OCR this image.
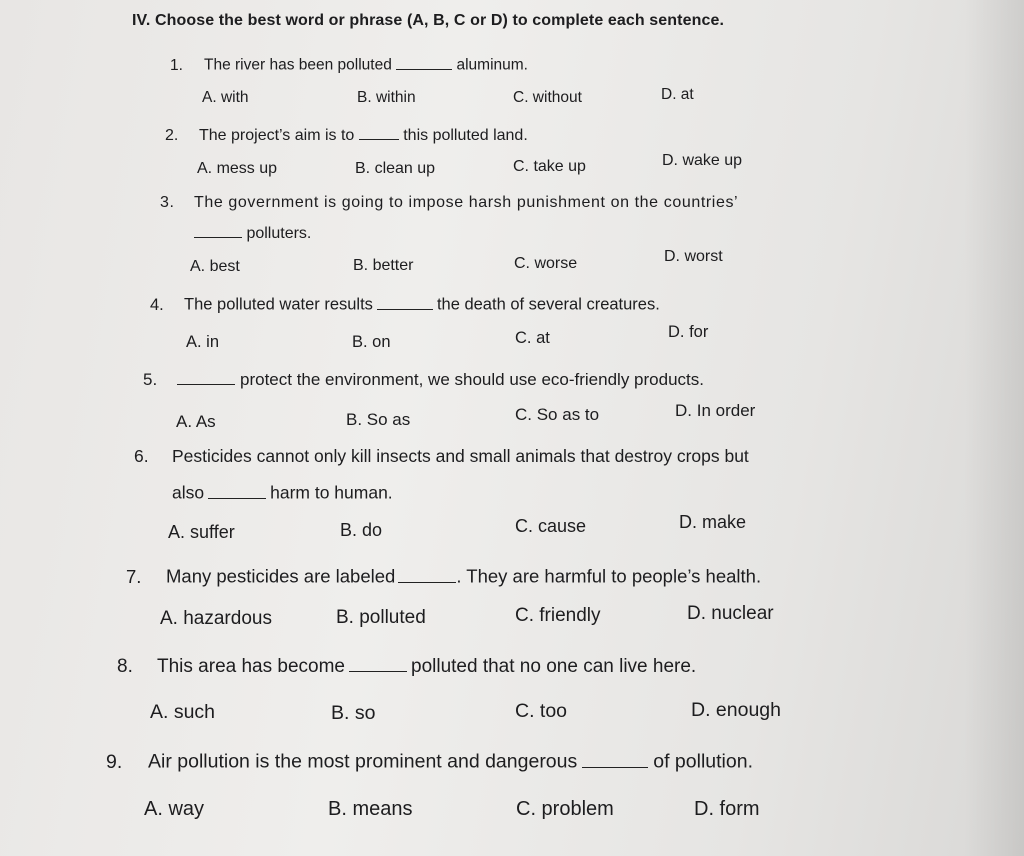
IV. Choose the best word or phrase (A, B, C or D) to complete each sentence.
1. The river has been polluted	aluminum.
A. with	B. within	C. without	D. at
2. The project’s aim is to	this polluted land.
A. mess up	B. clean up	C. take up	D. wake up
3. The government is going to impose harsh punishment on the countries’
polluters.
A. best	B. better	C. worse	D. worst
4. The polluted water results	the death of several creatures.
A. in	B. on	C. at	D. for
5.	protect the environment, we should use eco-friendly products.
A. As	B. So as	C. So as to	D. In order
6. Pesticides cannot only kill insects and small animals that destroy crops but
also	harm to human.
A. suffer	B. do	C. cause	D. make
7. Many pesticides are labeled	. They are harmful to people’s health.
A. hazardous	B. polluted	C. friendly	D. nuclear
8. This area has become	polluted that no one can live here.
A. such	B. so	C. too	D. enough
9. Air pollution is the most prominent and dangerous	of pollution.
A. way	B. means	C. problem	D. form
